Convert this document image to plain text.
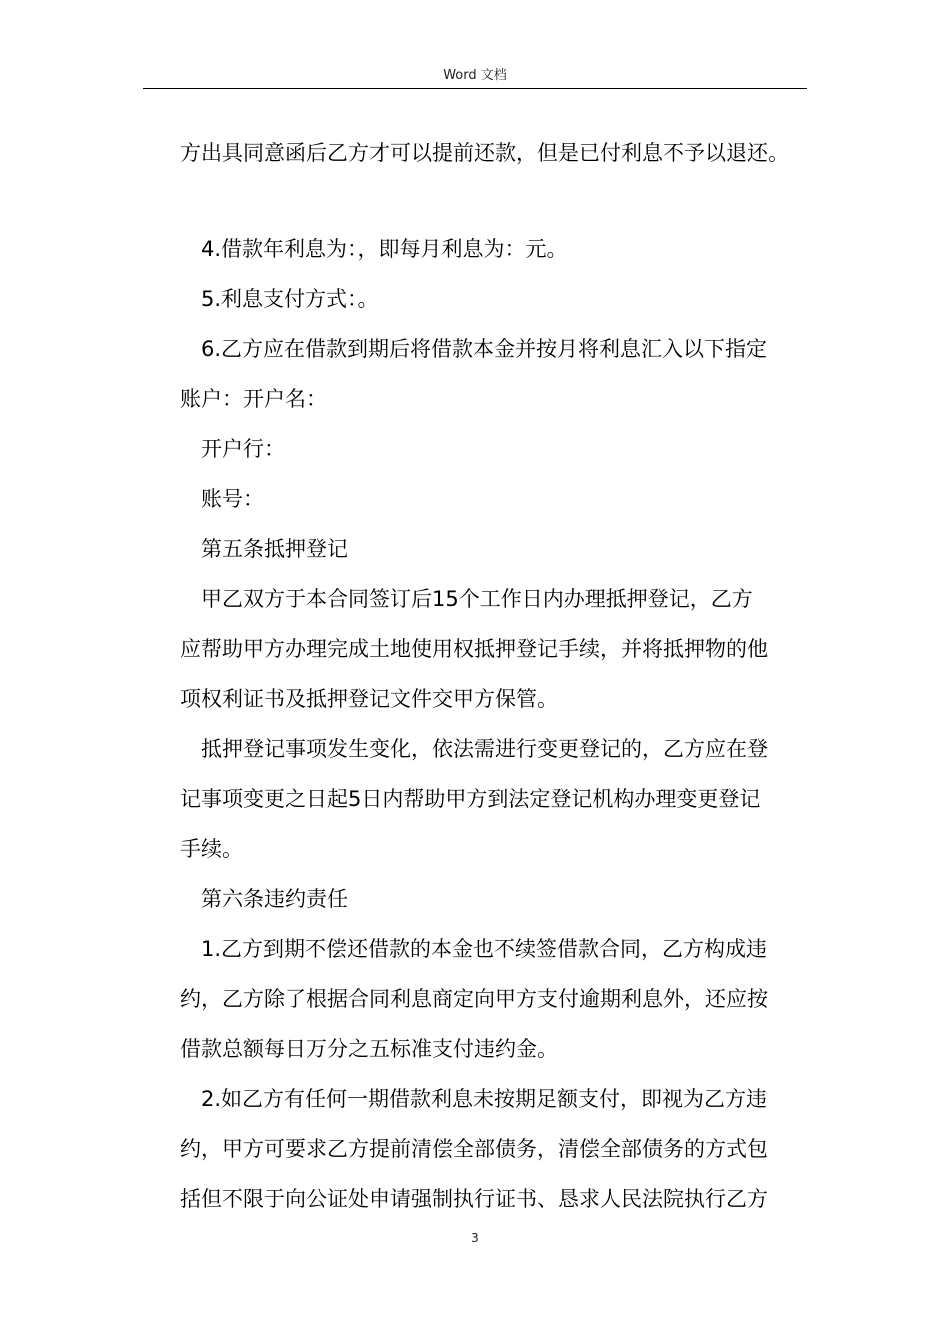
Word 文档

方出具同意函后乙方才可以提前还款，但是已付利息不予以退还。

4.借款年利息为：，即每月利息为：元。

5.利息支付方式：。

6.乙方应在借款到期后将借款本金并按月将利息汇入以下指定

账户：开户名：

开户行：

账号：

第五条抵押登记

甲乙双方于本合同签订后15个工作日内办理抵押登记，乙方

应帮助甲方办理完成土地使用权抵押登记手续，并将抵押物的他

项权利证书及抵押登记文件交甲方保管。

抵押登记事项发生变化，依法需进行变更登记的，乙方应在登

记事项变更之日起5日内帮助甲方到法定登记机构办理变更登记

手续。

第六条违约责任

1.乙方到期不偿还借款的本金也不续签借款合同，乙方构成违

约，乙方除了根据合同利息商定向甲方支付逾期利息外，还应按

借款总额每日万分之五标准支付违约金。

2.如乙方有任何一期借款利息未按期足额支付，即视为乙方违

约，甲方可要求乙方提前清偿全部债务，清偿全部债务的方式包

括但不限于向公证处申请强制执行证书、恳求人民法院执行乙方

3
